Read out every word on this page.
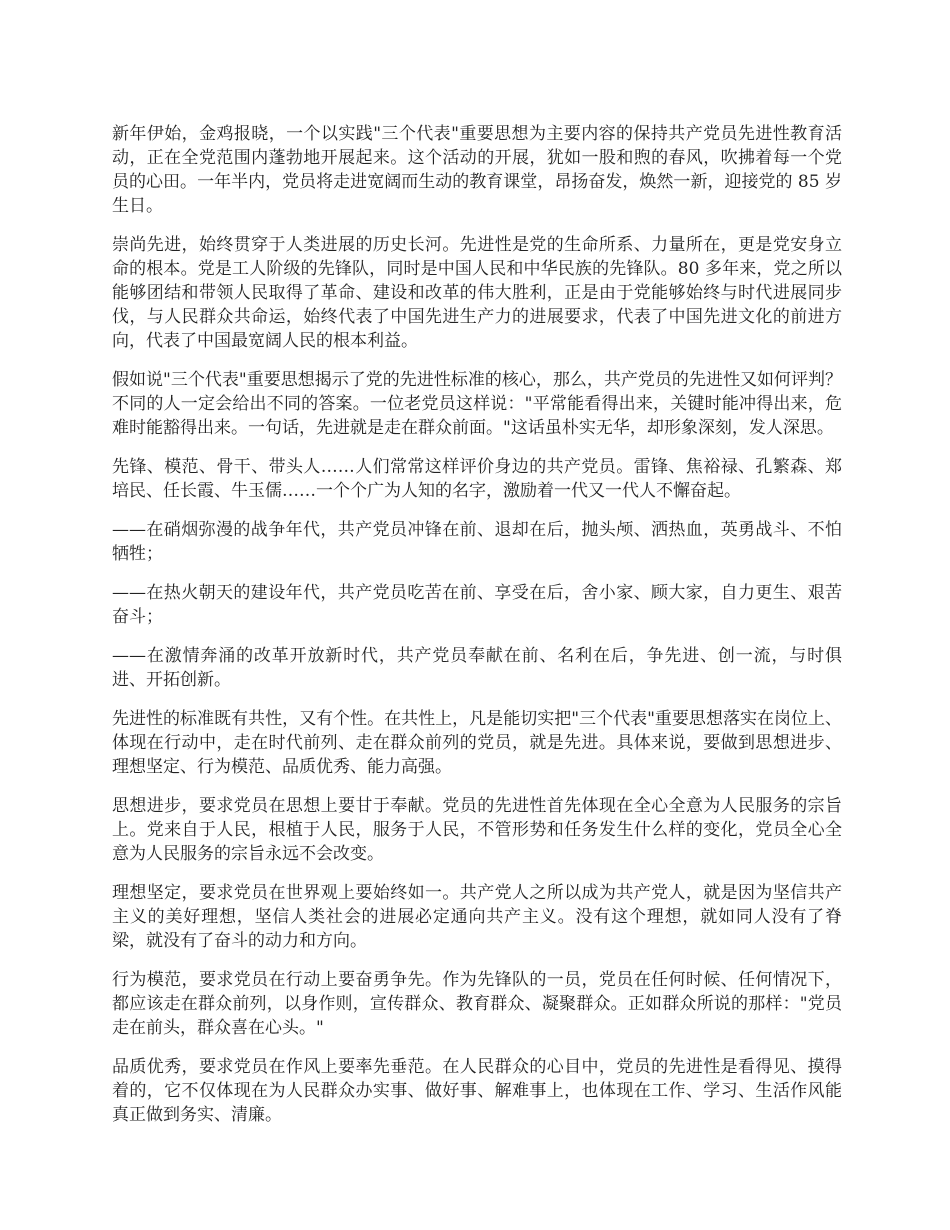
新年伊始，金鸡报晓，一个以实践"三个代表"重要思想为主要内容的保持共产党员先进性教育活动，正在全党范围内蓬勃地开展起来。这个活动的开展，犹如一股和煦的春风，吹拂着每一个党员的心田。一年半内，党员将走进宽阔而生动的教育课堂，昂扬奋发，焕然一新，迎接党的 85 岁生日。

崇尚先进，始终贯穿于人类进展的历史长河。先进性是党的生命所系、力量所在，更是党安身立命的根本。党是工人阶级的先锋队，同时是中国人民和中华民族的先锋队。80 多年来，党之所以能够团结和带领人民取得了革命、建设和改革的伟大胜利，正是由于党能够始终与时代进展同步伐，与人民群众共命运，始终代表了中国先进生产力的进展要求，代表了中国先进文化的前进方向，代表了中国最宽阔人民的根本利益。

假如说"三个代表"重要思想揭示了党的先进性标准的核心，那么，共产党员的先进性又如何评判？不同的人一定会给出不同的答案。一位老党员这样说："平常能看得出来，关键时能冲得出来，危难时能豁得出来。一句话，先进就是走在群众前面。"这话虽朴实无华，却形象深刻，发人深思。

先锋、模范、骨干、带头人……人们常常这样评价身边的共产党员。雷锋、焦裕禄、孔繁森、郑培民、任长霞、牛玉儒……一个个广为人知的名字，激励着一代又一代人不懈奋起。

——在硝烟弥漫的战争年代，共产党员冲锋在前、退却在后，抛头颅、洒热血，英勇战斗、不怕牺牲；

——在热火朝天的建设年代，共产党员吃苦在前、享受在后，舍小家、顾大家，自力更生、艰苦奋斗；

——在激情奔涌的改革开放新时代，共产党员奉献在前、名利在后，争先进、创一流，与时俱进、开拓创新。

先进性的标准既有共性，又有个性。在共性上，凡是能切实把"三个代表"重要思想落实在岗位上、体现在行动中，走在时代前列、走在群众前列的党员，就是先进。具体来说，要做到思想进步、理想坚定、行为模范、品质优秀、能力高强。

思想进步，要求党员在思想上要甘于奉献。党员的先进性首先体现在全心全意为人民服务的宗旨上。党来自于人民，根植于人民，服务于人民，不管形势和任务发生什么样的变化，党员全心全意为人民服务的宗旨永远不会改变。

理想坚定，要求党员在世界观上要始终如一。共产党人之所以成为共产党人，就是因为坚信共产主义的美好理想，坚信人类社会的进展必定通向共产主义。没有这个理想，就如同人没有了脊梁，就没有了奋斗的动力和方向。

行为模范，要求党员在行动上要奋勇争先。作为先锋队的一员，党员在任何时候、任何情况下，都应该走在群众前列，以身作则，宣传群众、教育群众、凝聚群众。正如群众所说的那样："党员走在前头，群众喜在心头。"

品质优秀，要求党员在作风上要率先垂范。在人民群众的心目中，党员的先进性是看得见、摸得着的，它不仅体现在为人民群众办实事、做好事、解难事上，也体现在工作、学习、生活作风能真正做到务实、清廉。
